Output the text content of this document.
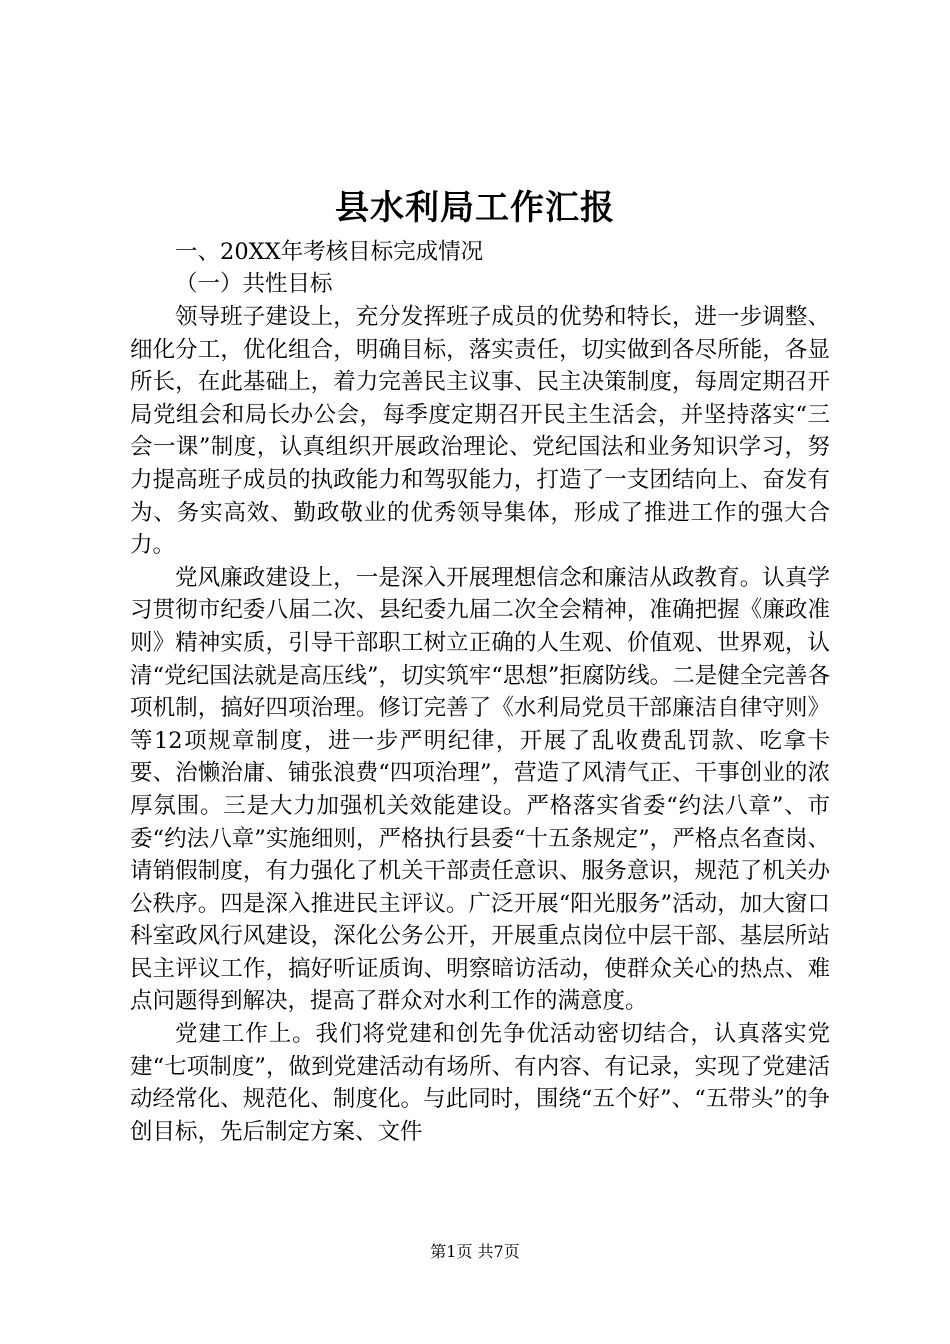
县水利局工作汇报
一、20XX年考核目标完成情况
（一）共性目标

领导班子建设上，充分发挥班子成员的优势和特长，进一步调整、细化分工，优化组合，明确目标，落实责任，切实做到各尽所能，各显所长，在此基础上，着力完善民主议事、民主决策制度，每周定期召开局党组会和局长办公会，每季度定期召开民主生活会，并坚持落实“三会一课”制度，认真组织开展政治理论、党纪国法和业务知识学习，努力提高班子成员的执政能力和驾驭能力，打造了一支团结向上、奋发有为、务实高效、勤政敬业的优秀领导集体，形成了推进工作的强大合力。

党风廉政建设上，一是深入开展理想信念和廉洁从政教育。认真学习贯彻市纪委八届二次、县纪委九届二次全会精神，准确把握《廉政准则》精神实质，引导干部职工树立正确的人生观、价值观、世界观，认清“党纪国法就是高压线”，切实筑牢“思想”拒腐防线。二是健全完善各项机制，搞好四项治理。修订完善了《水利局党员干部廉洁自律守则》等12项规章制度，进一步严明纪律，开展了乱收费乱罚款、吃拿卡要、治懒治庸、铺张浪费“四项治理”，营造了风清气正、干事创业的浓厚氛围。三是大力加强机关效能建设。严格落实省委“约法八章”、市委“约法八章”实施细则，严格执行县委“十五条规定”，严格点名查岗、请销假制度，有力强化了机关干部责任意识、服务意识，规范了机关办公秩序。四是深入推进民主评议。广泛开展“阳光服务”活动，加大窗口科室政风行风建设，深化公务公开，开展重点岗位中层干部、基层所站民主评议工作，搞好听证质询、明察暗访活动，使群众关心的热点、难点问题得到解决，提高了群众对水利工作的满意度。

党建工作上。我们将党建和创先争优活动密切结合，认真落实党建“七项制度”，做到党建活动有场所、有内容、有记录，实现了党建活动经常化、规范化、制度化。与此同时，围绕“五个好”、“五带头”的争创目标，先后制定方案、文件

第1页 共7页
